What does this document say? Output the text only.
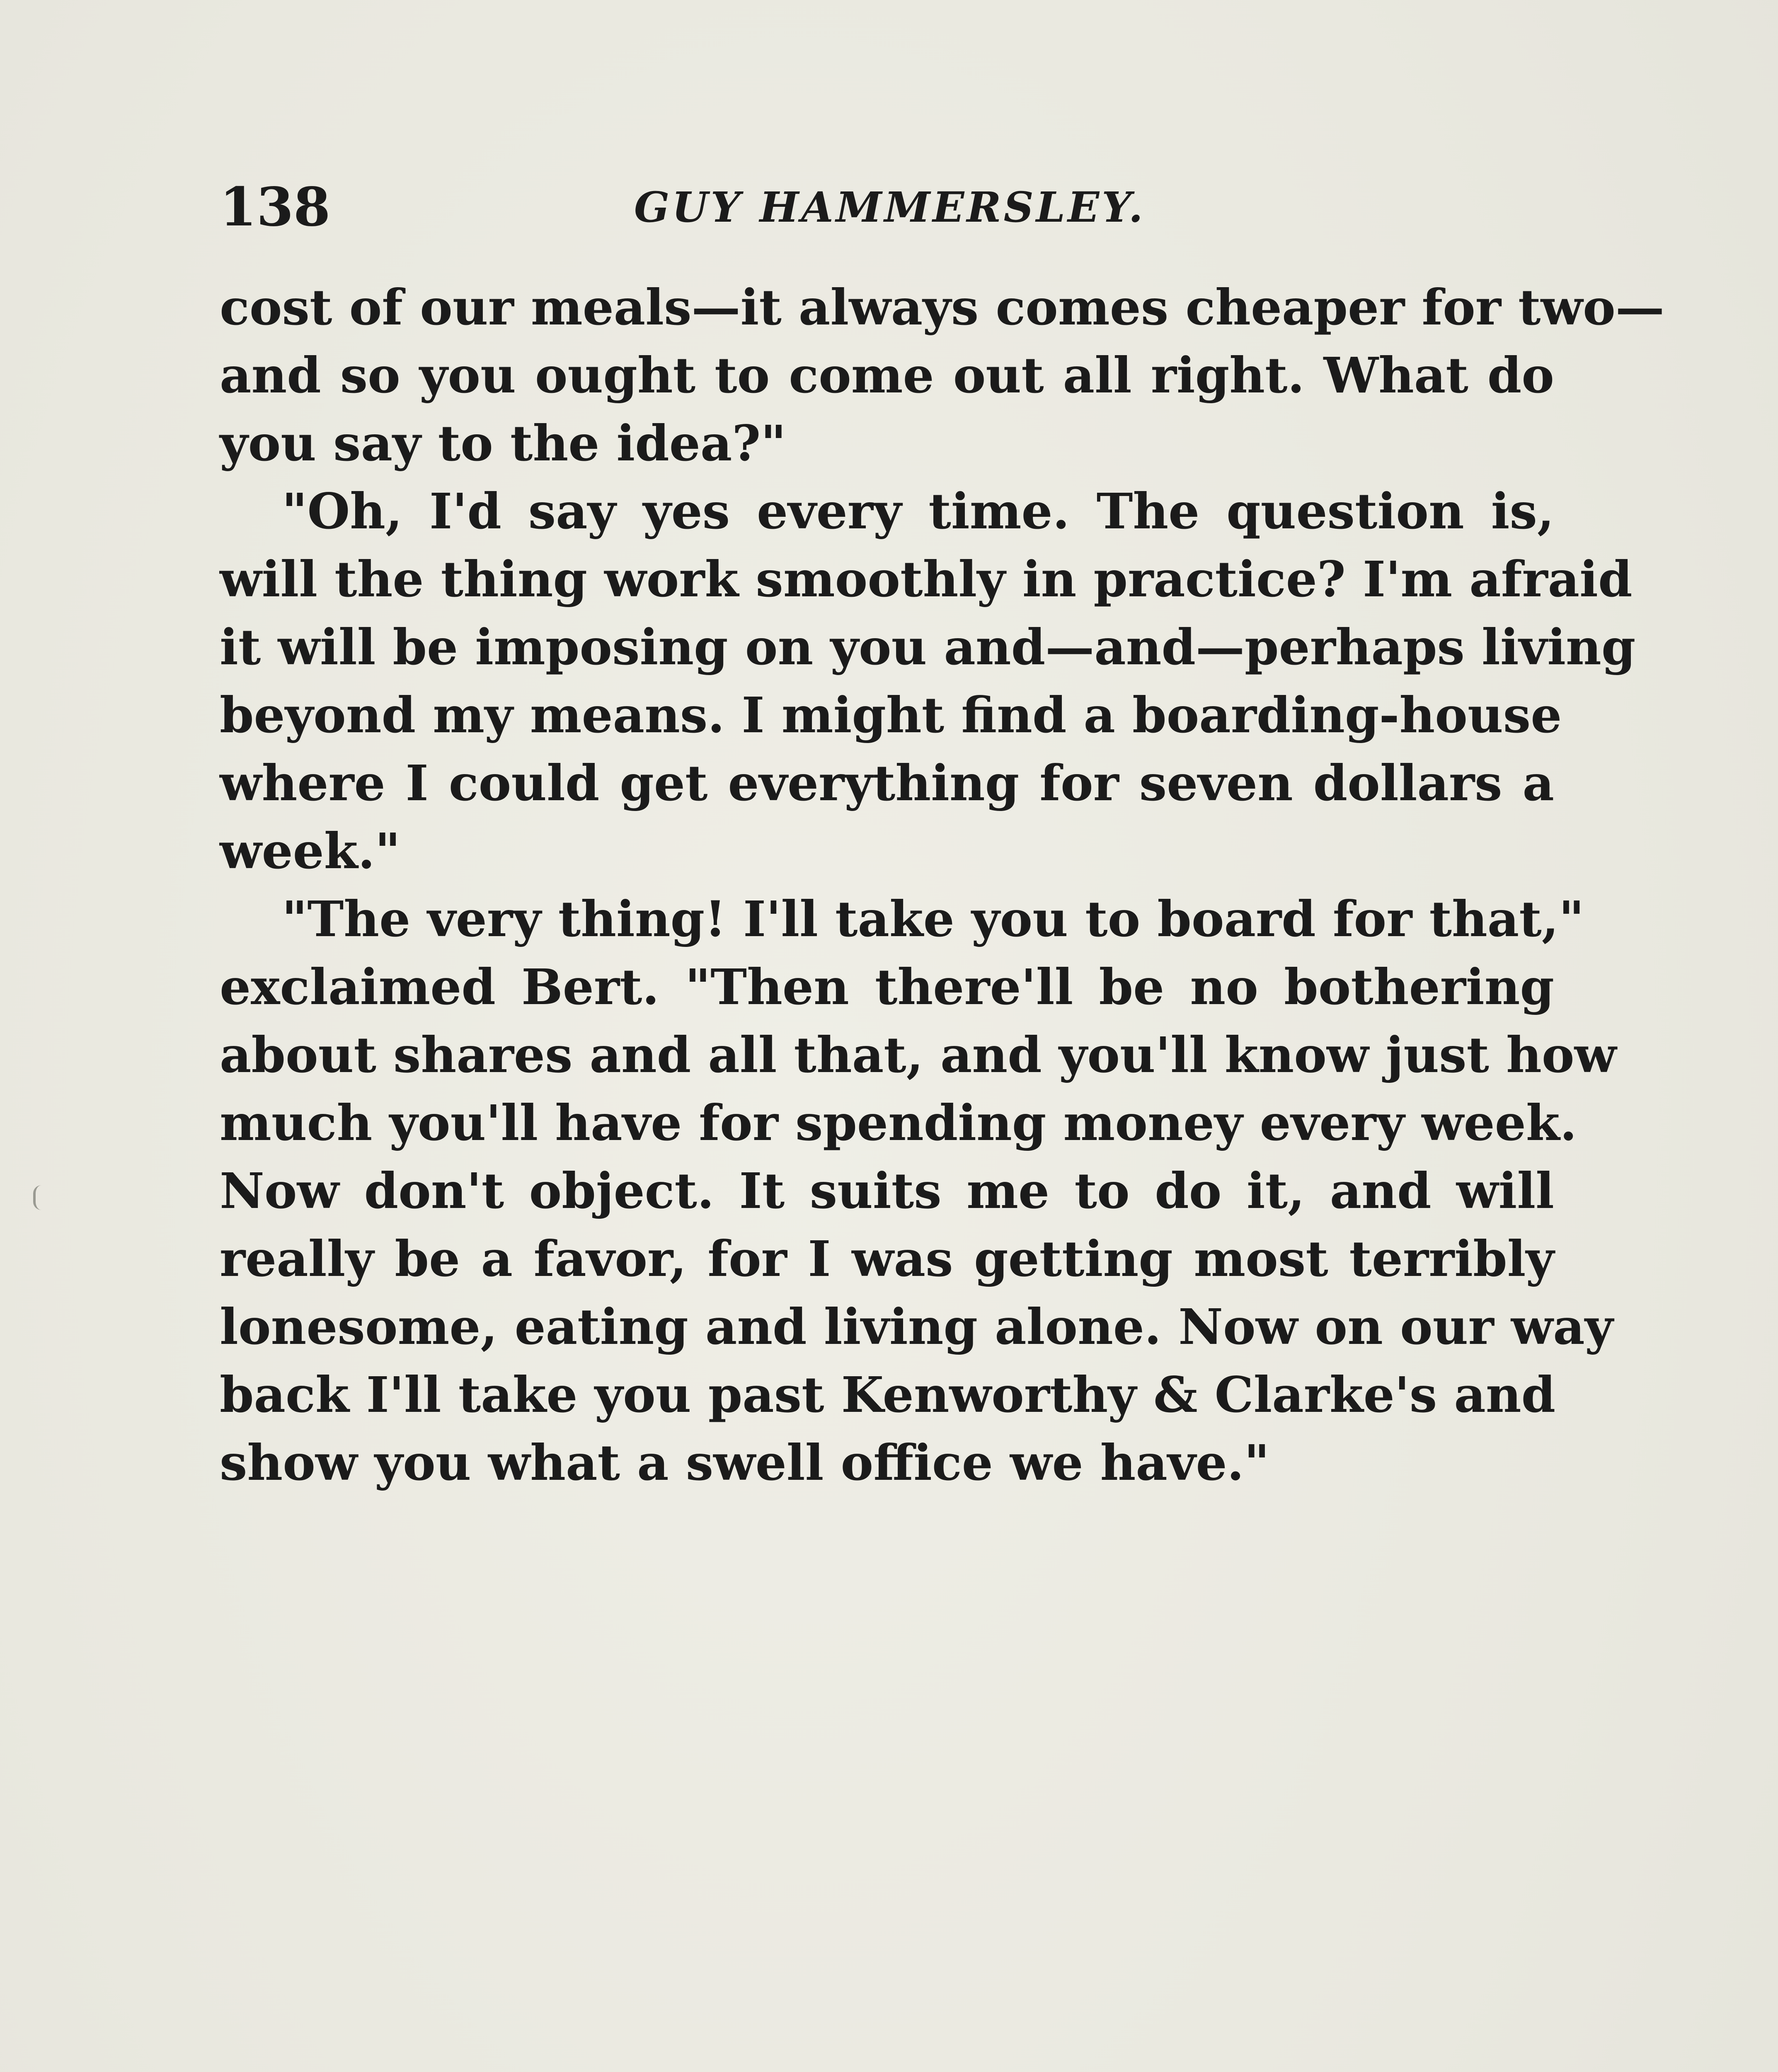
138	GUY HAMMERSLEY.
cost of our meals—it always comes cheaper for two—
and so you ought to come out all right. What do
you say to the idea?"
"Oh, I'd say yes every time. The question is,
will the thing work smoothly in practice? I'm afraid
it will be imposing on you and—and—perhaps living
beyond my means. I might find a boarding-house
where I could get everything for seven dollars a
week."
"The very thing! I'll take you to board for that,"
exclaimed Bert. "Then there'll be no bothering
about shares and all that, and you'll know just how
much you'll have for spending money every week.
Now don't object. It suits me to do it, and will
really be a favor, for I was getting most terribly
lonesome, eating and living alone. Now on our way
back I'll take you past Kenworthy & Clarke's and
show you what a swell office we have."
